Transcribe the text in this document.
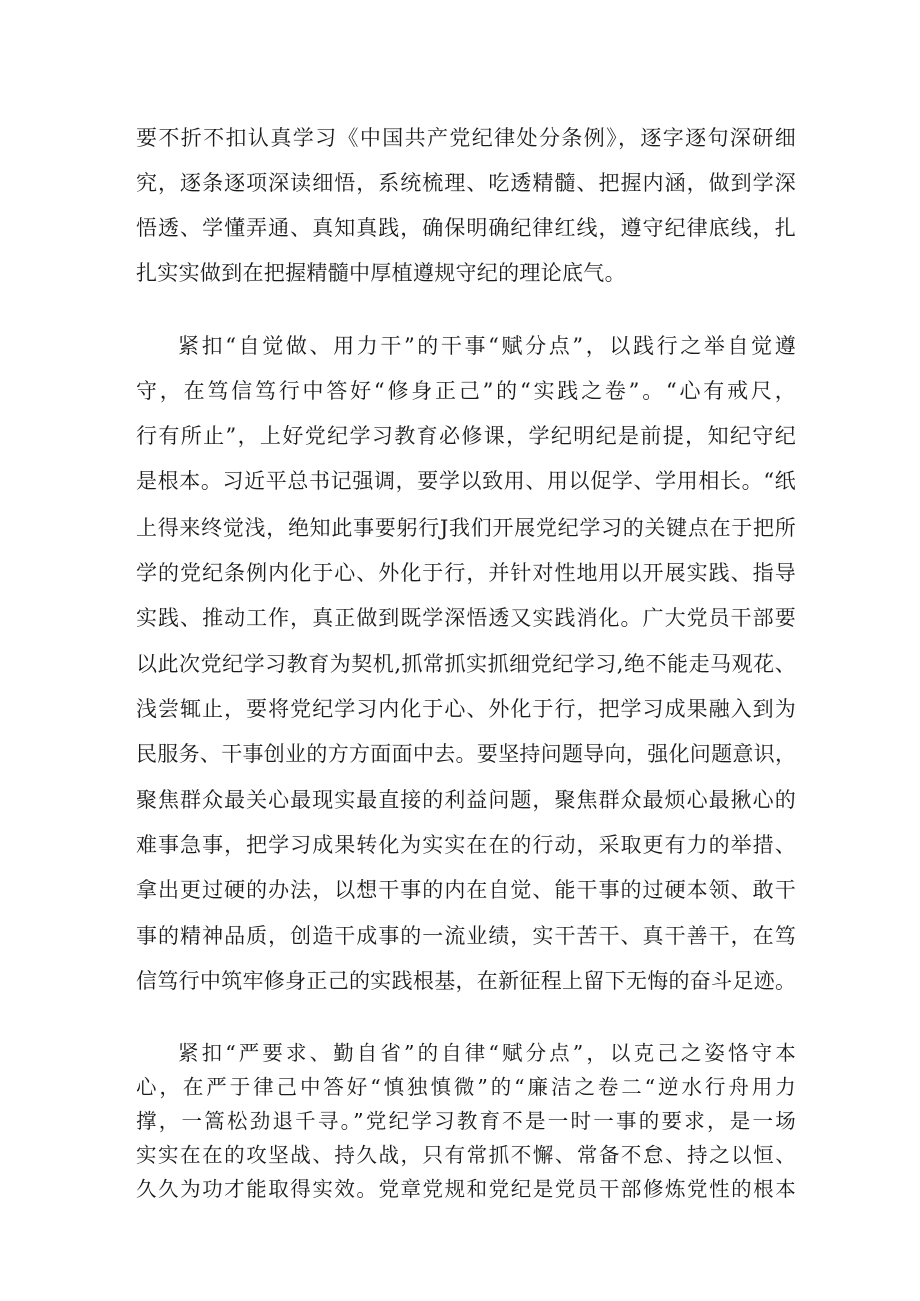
要不折不扣认真学习《中国共产党纪律处分条例》，逐字逐句深研细
究，逐条逐项深读细悟，系统梳理、吃透精髓、把握内涵，做到学深
悟透、学懂弄通、真知真践，确保明确纪律红线，遵守纪律底线，扎
扎实实做到在把握精髓中厚植遵规守纪的理论底气。
紧扣“自觉做、用力干”的干事“赋分点”，以践行之举自觉遵
守，在笃信笃行中答好“修身正己”的“实践之卷”。“心有戒尺，
行有所止”，上好党纪学习教育必修课，学纪明纪是前提，知纪守纪
是根本。习近平总书记强调，要学以致用、用以促学、学用相长。“纸
上得来终觉浅，绝知此事要躬行J我们开展党纪学习的关键点在于把所
学的党纪条例内化于心、外化于行，并针对性地用以开展实践、指导
实践、推动工作，真正做到既学深悟透又实践消化。广大党员干部要
以此次党纪学习教育为契机,抓常抓实抓细党纪学习,绝不能走马观花、
浅尝辄止，要将党纪学习内化于心、外化于行，把学习成果融入到为
民服务、干事创业的方方面面中去。要坚持问题导向，强化问题意识，
聚焦群众最关心最现实最直接的利益问题，聚焦群众最烦心最揪心的
难事急事，把学习成果转化为实实在在的行动，采取更有力的举措、
拿出更过硬的办法，以想干事的内在自觉、能干事的过硬本领、敢干
事的精神品质，创造干成事的一流业绩，实干苦干、真干善干，在笃
信笃行中筑牢修身正己的实践根基，在新征程上留下无悔的奋斗足迹。
紧扣“严要求、勤自省”的自律“赋分点”，以克己之姿恪守本
心，在严于律己中答好“慎独慎微”的“廉洁之卷二“逆水行舟用力
撑，一篙松劲退千寻。”党纪学习教育不是一时一事的要求，是一场
实实在在的攻坚战、持久战，只有常抓不懈、常备不怠、持之以恒、
久久为功才能取得实效。党章党规和党纪是党员干部修炼党性的根本
